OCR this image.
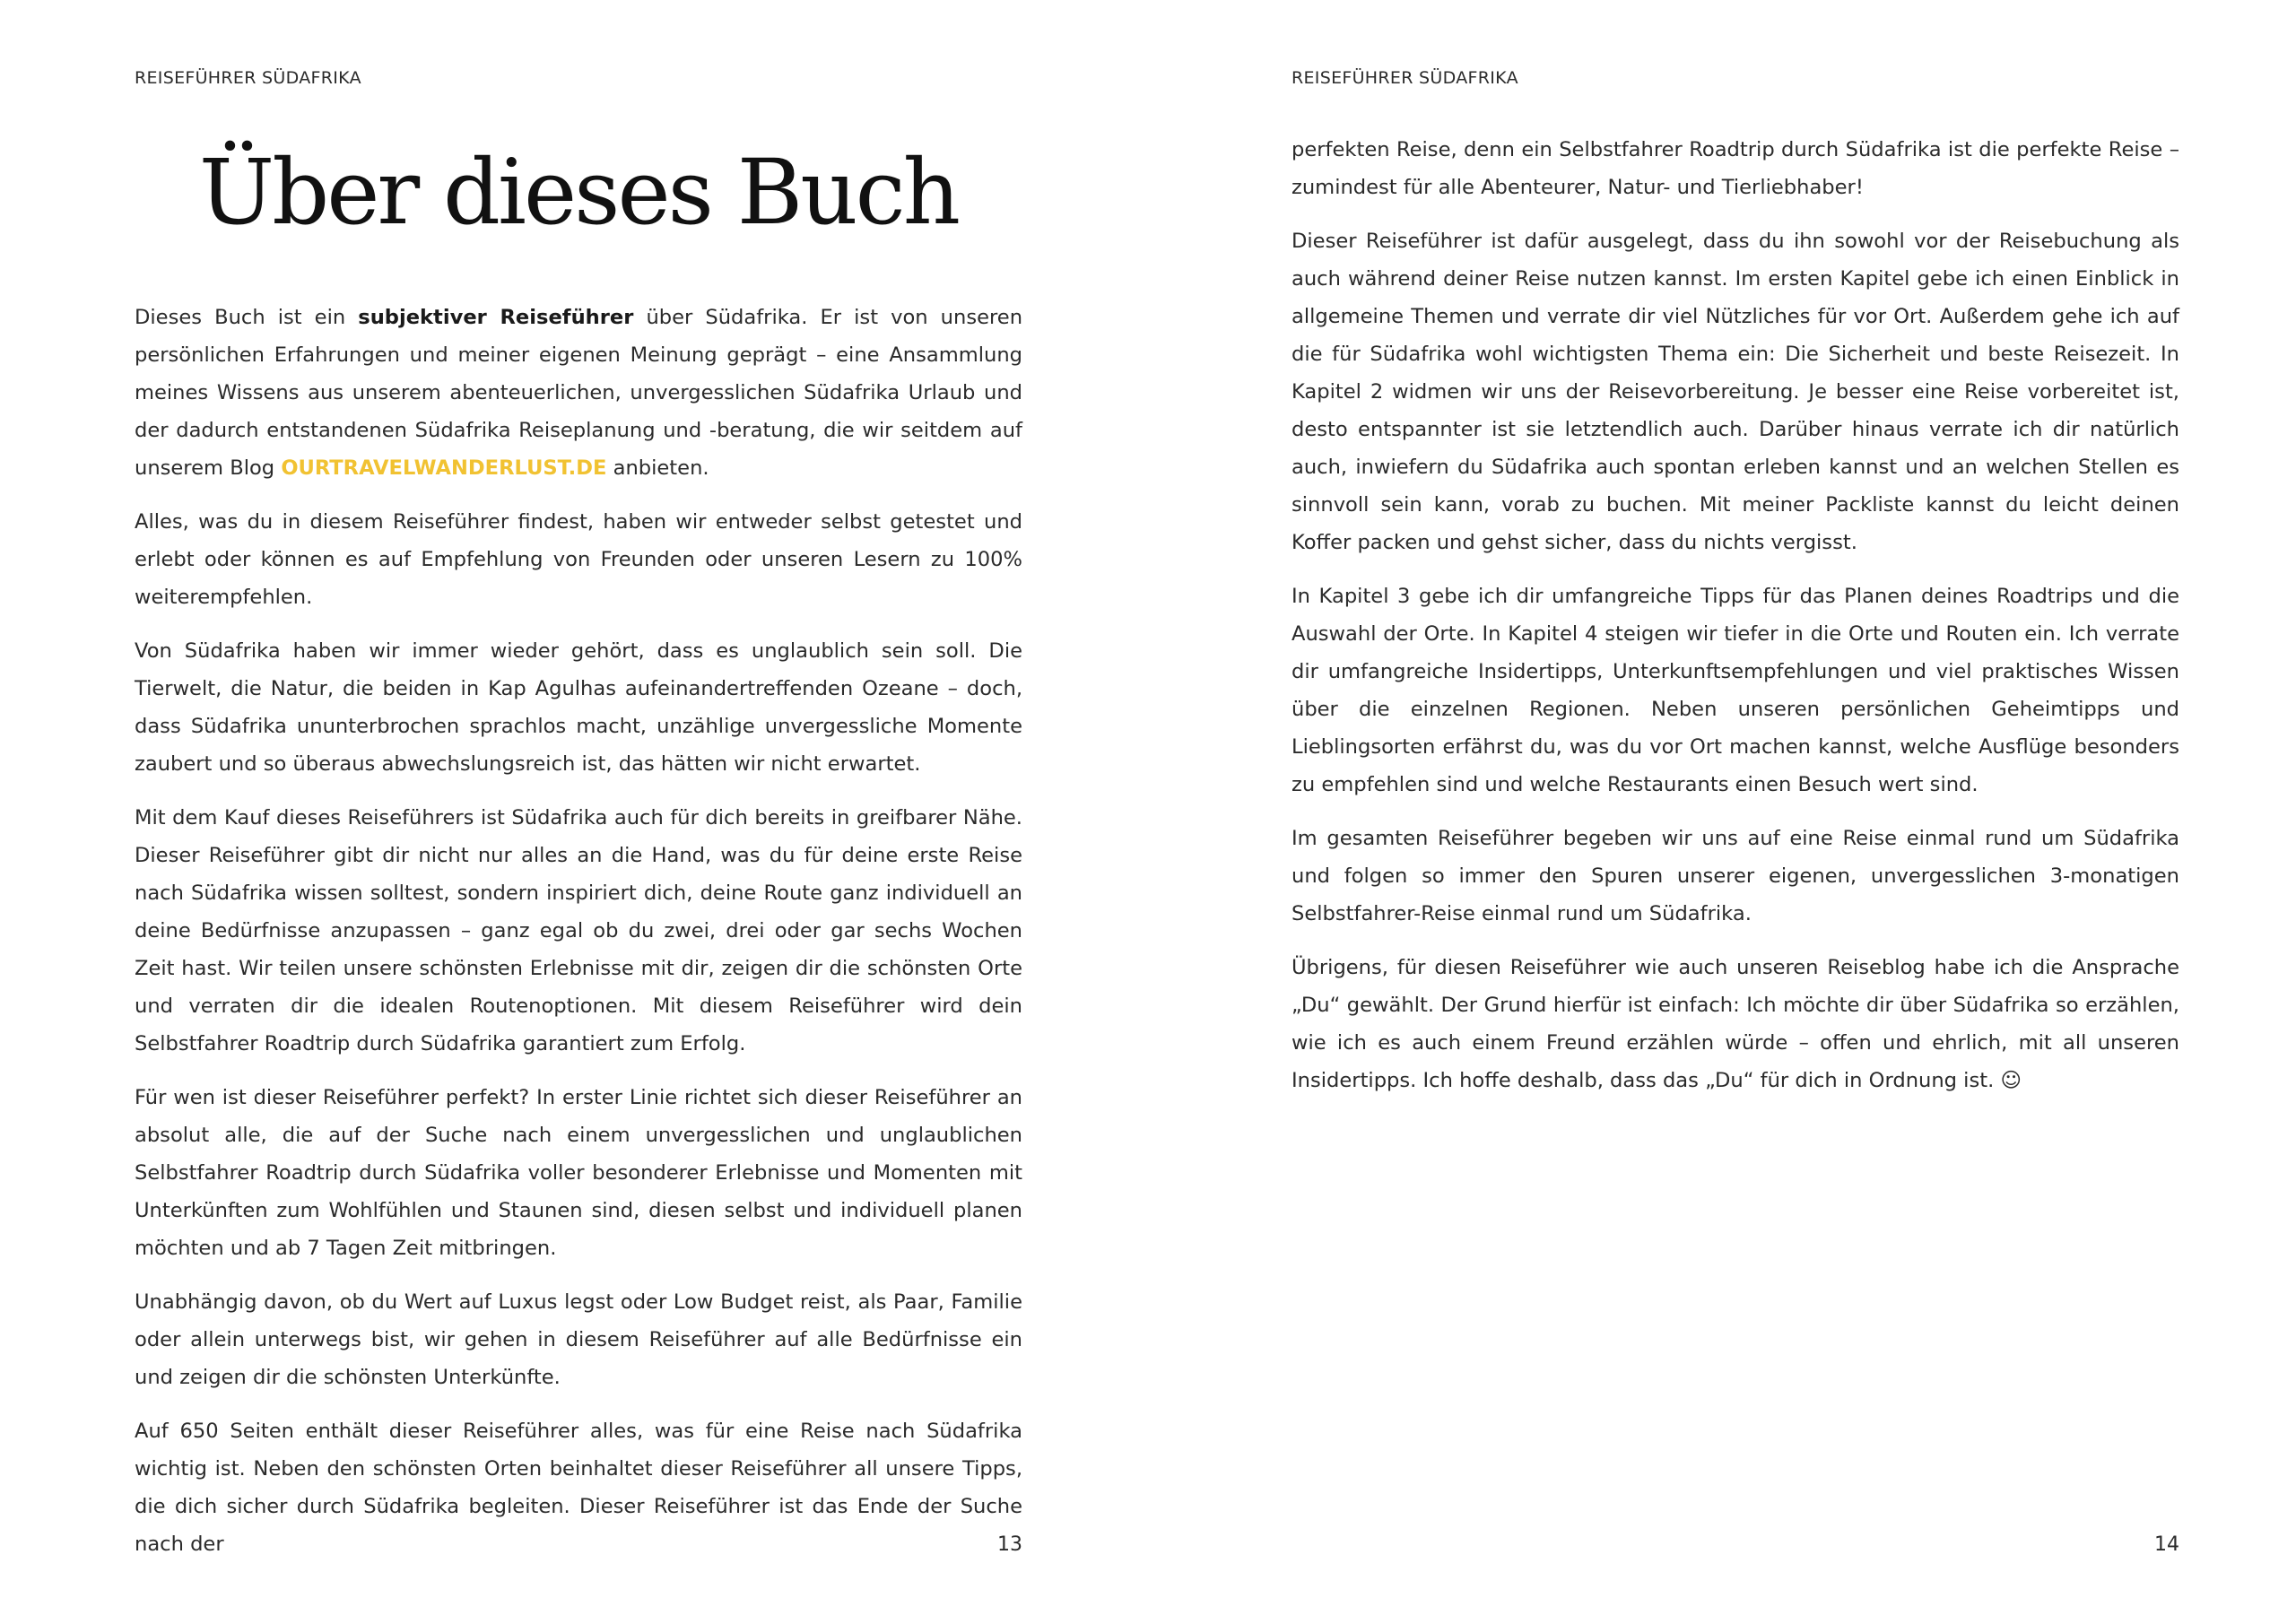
REISEFÜHRER SÜDAFRIKA
Über dieses Buch

Dieses Buch ist ein subjektiver Reiseführer über Südafrika. Er ist von unseren persönlichen Erfahrungen und meiner eigenen Meinung geprägt – eine Ansammlung meines Wissens aus unserem abenteuerlichen, unvergesslichen Südafrika Urlaub und der dadurch entstandenen Südafrika Reiseplanung und -beratung, die wir seitdem auf unserem Blog OURTRAVELWANDERLUST.DE anbieten.

Alles, was du in diesem Reiseführer findest, haben wir entweder selbst getestet und erlebt oder können es auf Empfehlung von Freunden oder unseren Lesern zu 100% weiterempfehlen.

Von Südafrika haben wir immer wieder gehört, dass es unglaublich sein soll. Die Tierwelt, die Natur, die beiden in Kap Agulhas aufeinandertreffenden Ozeane – doch, dass Südafrika ununterbrochen sprachlos macht, unzählige unvergessliche Momente zaubert und so überaus abwechslungsreich ist, das hätten wir nicht erwartet.

Mit dem Kauf dieses Reiseführers ist Südafrika auch für dich bereits in greifbarer Nähe. Dieser Reiseführer gibt dir nicht nur alles an die Hand, was du für deine erste Reise nach Südafrika wissen solltest, sondern inspiriert dich, deine Route ganz individuell an deine Bedürfnisse anzupassen – ganz egal ob du zwei, drei oder gar sechs Wochen Zeit hast. Wir teilen unsere schönsten Erlebnisse mit dir, zeigen dir die schönsten Orte und verraten dir die idealen Routenoptionen. Mit diesem Reiseführer wird dein Selbstfahrer Roadtrip durch Südafrika garantiert zum Erfolg.

Für wen ist dieser Reiseführer perfekt? In erster Linie richtet sich dieser Reiseführer an absolut alle, die auf der Suche nach einem unvergesslichen und unglaublichen Selbstfahrer Roadtrip durch Südafrika voller besonderer Erlebnisse und Momenten mit Unterkünften zum Wohlfühlen und Staunen sind, diesen selbst und individuell planen möchten und ab 7 Tagen Zeit mitbringen.

Unabhängig davon, ob du Wert auf Luxus legst oder Low Budget reist, als Paar, Familie oder allein unterwegs bist, wir gehen in diesem Reiseführer auf alle Bedürfnisse ein und zeigen dir die schönsten Unterkünfte.

Auf 650 Seiten enthält dieser Reiseführer alles, was für eine Reise nach Südafrika wichtig ist. Neben den schönsten Orten beinhaltet dieser Reiseführer all unsere Tipps, die dich sicher durch Südafrika begleiten. Dieser Reiseführer ist das Ende der Suche nach der	13
REISEFÜHRER SÜDAFRIKA

perfekten Reise, denn ein Selbstfahrer Roadtrip durch Südafrika ist die perfekte Reise – zumindest für alle Abenteurer, Natur- und Tierliebhaber!

Dieser Reiseführer ist dafür ausgelegt, dass du ihn sowohl vor der Reisebuchung als auch während deiner Reise nutzen kannst. Im ersten Kapitel gebe ich einen Einblick in allgemeine Themen und verrate dir viel Nützliches für vor Ort. Außerdem gehe ich auf die für Südafrika wohl wichtigsten Thema ein: Die Sicherheit und beste Reisezeit. In Kapitel 2 widmen wir uns der Reisevorbereitung. Je besser eine Reise vorbereitet ist, desto entspannter ist sie letztendlich auch. Darüber hinaus verrate ich dir natürlich auch, inwiefern du Südafrika auch spontan erleben kannst und an welchen Stellen es sinnvoll sein kann, vorab zu buchen. Mit meiner Packliste kannst du leicht deinen Koffer packen und gehst sicher, dass du nichts vergisst.

In Kapitel 3 gebe ich dir umfangreiche Tipps für das Planen deines Roadtrips und die Auswahl der Orte. In Kapitel 4 steigen wir tiefer in die Orte und Routen ein. Ich verrate dir umfangreiche Insidertipps, Unterkunftsempfehlungen und viel praktisches Wissen über die einzelnen Regionen. Neben unseren persönlichen Geheimtipps und Lieblingsorten erfährst du, was du vor Ort machen kannst, welche Ausflüge besonders zu empfehlen sind und welche Restaurants einen Besuch wert sind.

Im gesamten Reiseführer begeben wir uns auf eine Reise einmal rund um Südafrika und folgen so immer den Spuren unserer eigenen, unvergesslichen 3-monatigen Selbstfahrer-Reise einmal rund um Südafrika.

Übrigens, für diesen Reiseführer wie auch unseren Reiseblog habe ich die Ansprache „Du“ gewählt. Der Grund hierfür ist einfach: Ich möchte dir über Südafrika so erzählen, wie ich es auch einem Freund erzählen würde – offen und ehrlich, mit all unseren Insidertipps. Ich hoffe deshalb, dass das „Du“ für dich in Ordnung ist. ☺

14
